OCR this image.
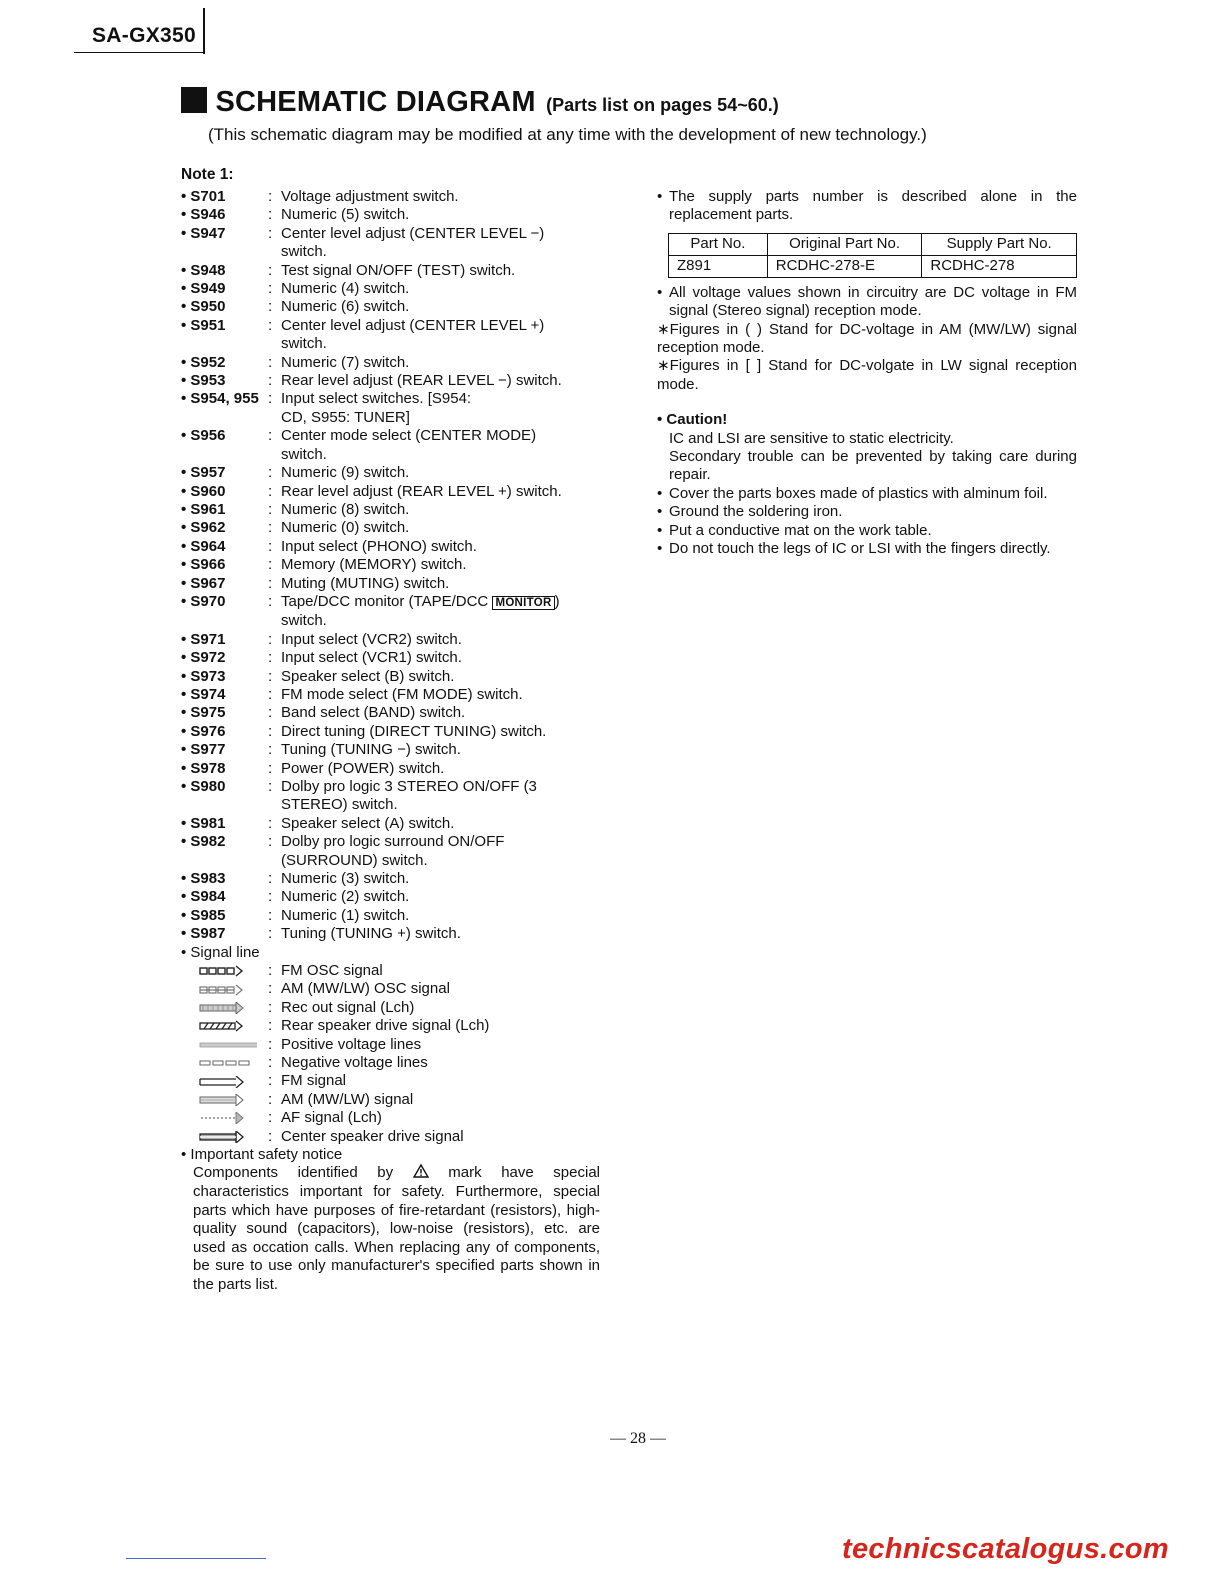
SA-GX350
SCHEMATIC DIAGRAM (Parts list on pages 54~60.)
(This schematic diagram may be modified at any time with the development of new technology.)
Note 1:
• S701	: Voltage adjustment switch.
• S946	: Numeric (5) switch.
• S947	: Center level adjust (CENTER LEVEL −) switch.
• S948	: Test signal ON/OFF (TEST) switch.
• S949	: Numeric (4) switch.
• S950	: Numeric (6) switch.
• S951	: Center level adjust (CENTER LEVEL +) switch.
• S952	: Numeric (7) switch.
• S953	: Rear level adjust (REAR LEVEL −) switch.
• S954, 955 : Input select switches. [S954: CD, S955: TUNER]
• S956	: Center mode select (CENTER MODE) switch.
• S957	: Numeric (9) switch.
• S960	: Rear level adjust (REAR LEVEL +) switch.
• S961	: Numeric (8) switch.
• S962	: Numeric (0) switch.
• S964	: Input select (PHONO) switch.
• S966	: Memory (MEMORY) switch.
• S967	: Muting (MUTING) switch.
• S970	: Tape/DCC monitor (TAPE/DCC MONITOR )
switch.
• S971	: Input select (VCR2) switch.
• S972	: Input select (VCR1) switch.
• S973	: Speaker select (B) switch.
• S974	: FM mode select (FM MODE) switch.
• S975	: Band select (BAND) switch.
• S976	: Direct tuning (DIRECT TUNING) switch.
• S977	: Tuning (TUNING −) switch.
• S978	: Power (POWER) switch.
• S980	: Dolby pro logic 3 STEREO ON/OFF (3 STEREO) switch.
• S981	: Speaker select (A) switch.
• S982	: Dolby pro logic surround ON/OFF (SURROUND) switch.
• S983	: Numeric (3) switch.
• S984	: Numeric (2) switch.
• S985	: Numeric (1) switch.
• S987	: Tuning (TUNING +) switch.
• Signal line
: FM OSC signal
: AM (MW/LW) OSC signal
: Rec out signal (Lch)
: Rear speaker drive signal (Lch)
: Positive voltage lines
: Negative voltage lines
: FM signal
: AM (MW/LW) signal
: AF signal (Lch)
: Center speaker drive signal
• Important safety notice
Components identified by  mark have special characteristics important for safety. Furthermore, special parts which have purposes of fire-retardant (resistors), high-quality sound (capacitors), low-noise (resistors), etc. are used as occation calls. When replacing any of components, be sure to use only manufacturer's specified parts shown in the parts list.
• The supply parts number is described alone in the replacement parts.
Part No.	Original Part No.	Supply Part No.
Z891	RCDHC-278-E	RCDHC-278
• All voltage values shown in circuitry are DC voltage in FM signal (Stereo signal) reception mode.
∗Figures in ( ) Stand for DC-voltage in AM (MW/LW) signal reception mode.
∗Figures in [ ] Stand for DC-volgate in LW signal reception mode.
• Caution!
IC and LSI are sensitive to static electricity.
Secondary trouble can be prevented by taking care during repair.
• Cover the parts boxes made of plastics with alminum foil.
• Ground the soldering iron.
• Put a conductive mat on the work table.
• Do not touch the legs of IC or LSI with the fingers directly.
— 28 —
technicscatalogus.com
